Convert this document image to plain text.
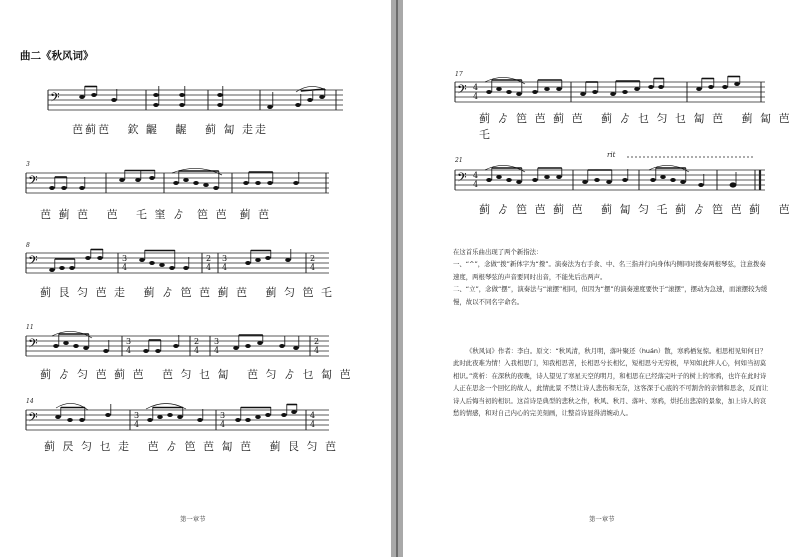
曲二《秋风词》
𝄢
芭蓟芭 欽 齷 齷 蓟 匐 走走
3
𝄢
芭 蓟 芭 芭 乇 窐 ゟ 笆 芭 蓟 芭
8
𝄢	3
4
2
4
3
4
2
4
蓟 艮 匀 芭 走 蓟 ゟ 笆 芭 蓟 芭 蓟 匀 笆 乇
11
𝄢	3
4
2
4
3
4
2
4
蓟 ゟ 匀 芭 蓟 芭 芭 匀 乜 匐 芭 匀 ゟ 乜 匐 芭
14
𝄢	3
4
3
4
4
4
蓟 昃 匀 乜 走 芭 ゟ 笆 芭 匐 芭 蓟 艮 匀 芭
第一章节
17
𝄢 4
4
蓟 ゟ 笆 芭 蓟 芭 蓟 ゟ 乜 匀 乜 匐 芭 蓟 匐 芭 乇
21
rit
𝄢 4
4
蓟 ゟ 笆 芭 蓟 芭 蓟 匐 匀 乇 蓟 ゟ 笆 芭 蓟 芭

在这首乐曲出现了两个新指法：

一、“^”，念做“拨”新体字为“撥”。演奏法为右手食、中、名三指并行向身体内侧同时拨奏两根琴弦，注意拨奏速度，两根琴弦的声音要同时出音，不能先后出两声。

二、“立”，念做“摆”，演奏法与“滚摆”相同，但因为“摆”的演奏速度要快于“滚摆”，摆动为急速，而滚摆较为缓慢，故以不同名字命名。

《秋风词》作者：李白。原文：“秋风清，秋月明，落叶聚还（huán）散，寒鸦栖复惊。相思相见知何日？此时此夜难为情！入我相思门，知我相思苦，长相思兮长相忆，短相思兮无穷极，早知如此绊人心，何如当初莫相识。”赏析：在深秋的夜晚，诗人望见了寒星天空的明月，和相思在已经落完叶子的树上的寒鸦，也许在此时诗人正在思念一个回忆的故人，此情此景 不禁让诗人悲伤和无奈，这客深于心底的不可割舍的亲情和思念，反而让诗人后悔当初的相识。这首诗是典型的悲秋之作，秋风、秋月、落叶、寒鸦，烘托出悲凉的景象，加上诗人的哀愁的情感，和对自己内心的完美刻画，让整首诗显得清婉动人。

第一章节
